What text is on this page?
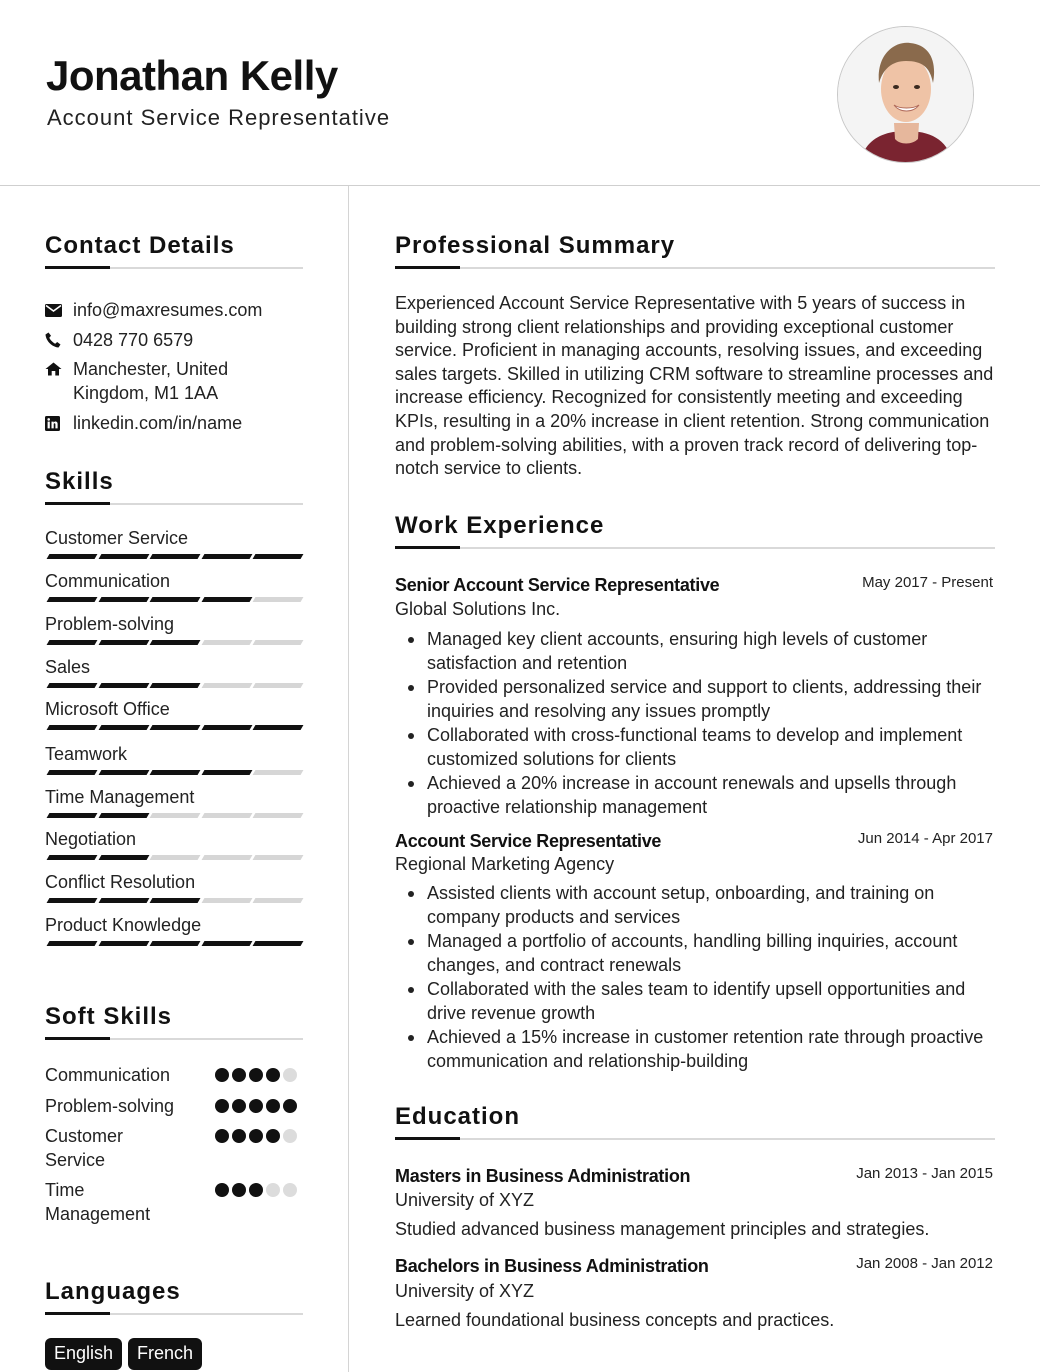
Jonathan Kelly
Account Service Representative
Contact Details
info@maxresumes.com
0428 770 6579
Manchester, United Kingdom, M1 1AA
linkedin.com/in/name
Skills
Customer Service
Communication
Problem-solving
Sales
Microsoft Office
Teamwork
Time Management
Negotiation
Conflict Resolution
Product Knowledge
Soft Skills
Communication
Problem-solving
Customer Service
Time Management
Languages
English	French
Professional Summary
Experienced Account Service Representative with 5 years of success in building strong client relationships and providing exceptional customer service. Proficient in managing accounts, resolving issues, and exceeding sales targets. Skilled in utilizing CRM software to streamline processes and increase efficiency. Recognized for consistently meeting and exceeding KPIs, resulting in a 20% increase in client retention. Strong communication and problem-solving abilities, with a proven track record of delivering top-notch service to clients.
Work Experience
Senior Account Service Representative	May 2017 - Present
Global Solutions Inc.
Managed key client accounts, ensuring high levels of customer satisfaction and retention
Provided personalized service and support to clients, addressing their inquiries and resolving any issues promptly
Collaborated with cross-functional teams to develop and implement customized solutions for clients
Achieved a 20% increase in account renewals and upsells through proactive relationship management
Account Service Representative	Jun 2014 - Apr 2017
Regional Marketing Agency
Assisted clients with account setup, onboarding, and training on company products and services
Managed a portfolio of accounts, handling billing inquiries, account changes, and contract renewals
Collaborated with the sales team to identify upsell opportunities and drive revenue growth
Achieved a 15% increase in customer retention rate through proactive communication and relationship-building
Education
Masters in Business Administration	Jan 2013 - Jan 2015
University of XYZ
Studied advanced business management principles and strategies.
Bachelors in Business Administration	Jan 2008 - Jan 2012
University of XYZ
Learned foundational business concepts and practices.
